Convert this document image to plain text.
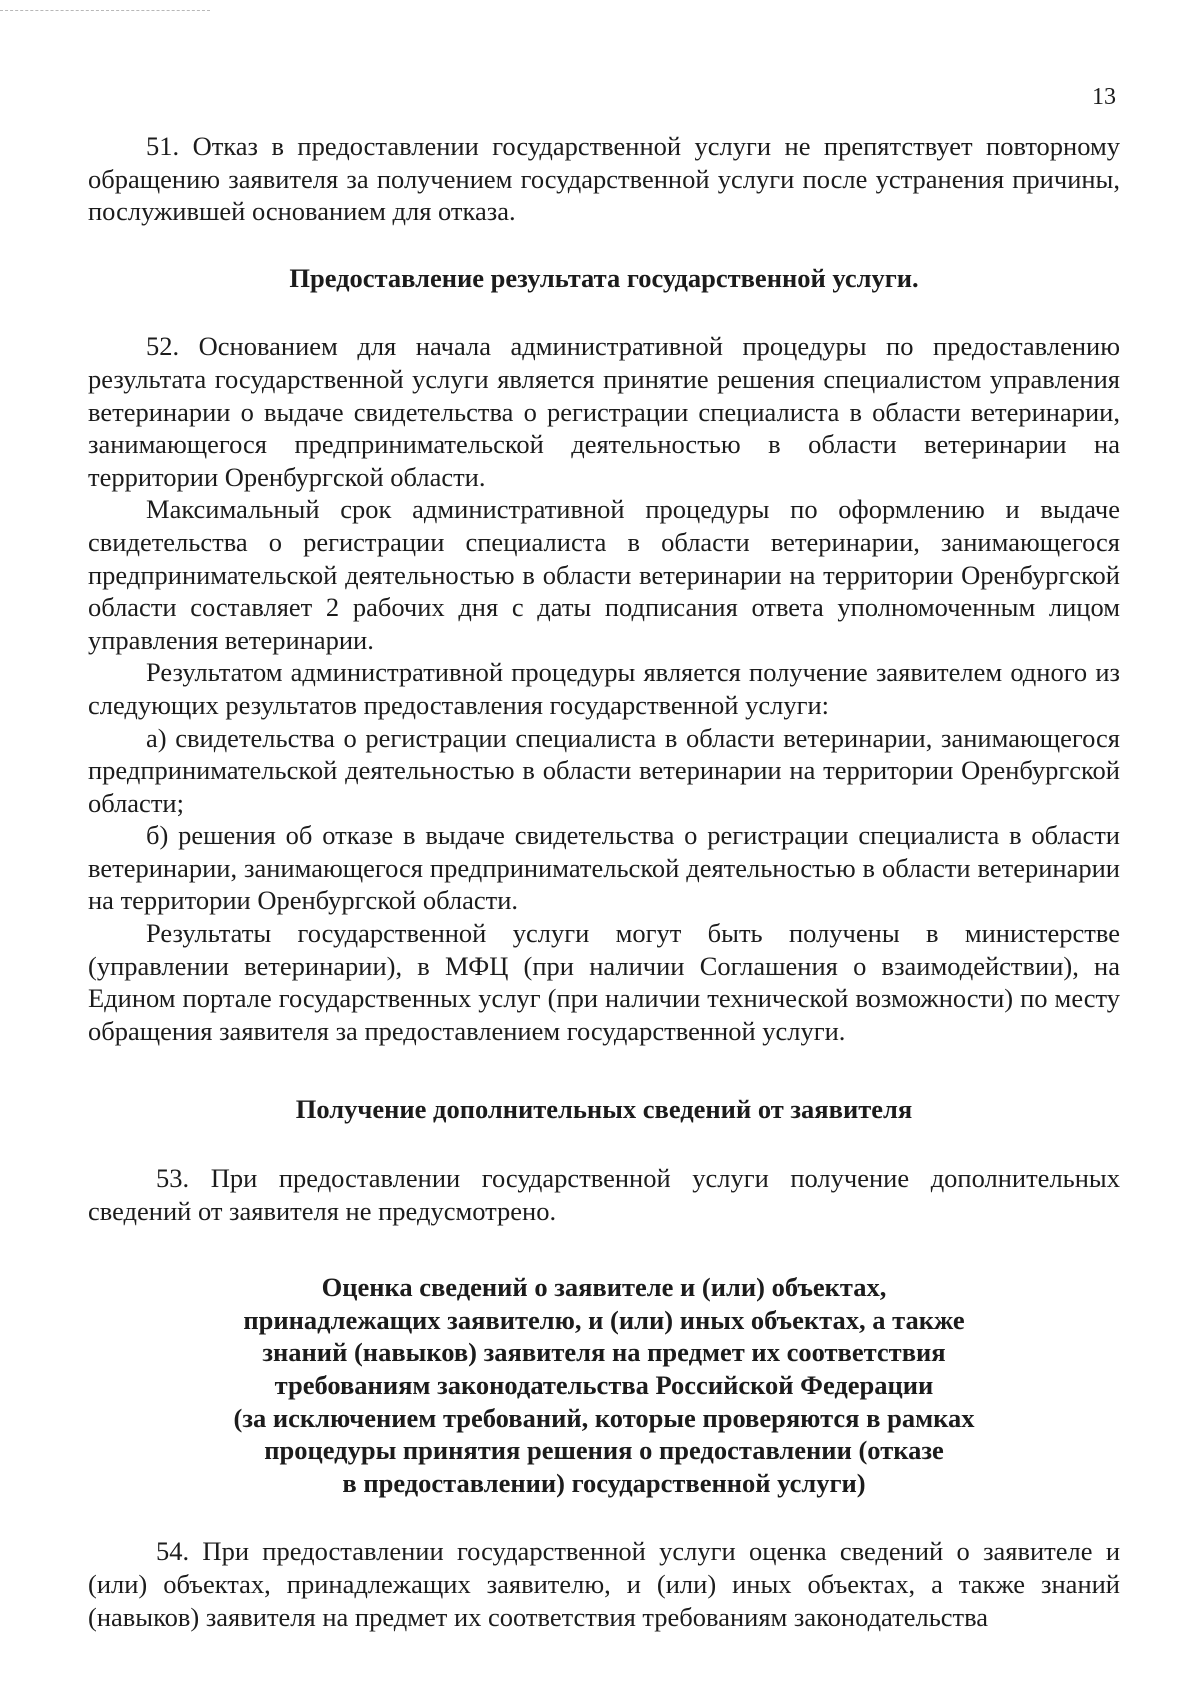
13

51. Отказ в предоставлении государственной услуги не препятствует повторному обращению заявителя за получением государственной услуги после устранения причины, послужившей основанием для отказа.

Предоставление результата государственной услуги.

52. Основанием для начала административной процедуры по предоставлению результата государственной услуги является принятие решения специалистом управления ветеринарии о выдаче свидетельства о регистрации специалиста в области ветеринарии, занимающегося предпринимательской деятельностью в области ветеринарии на территории Оренбургской области.

Максимальный срок административной процедуры по оформлению и выдаче свидетельства о регистрации специалиста в области ветеринарии, занимающегося предпринимательской деятельностью в области ветеринарии на территории Оренбургской области составляет 2 рабочих дня с даты подписания ответа уполномоченным лицом управления ветеринарии.

Результатом административной процедуры является получение заявителем одного из следующих результатов предоставления государственной услуги:

а) свидетельства о регистрации специалиста в области ветеринарии, занимающегося предпринимательской деятельностью в области ветеринарии на территории Оренбургской области;

б) решения об отказе в выдаче свидетельства о регистрации специалиста в области ветеринарии, занимающегося предпринимательской деятельностью в области ветеринарии на территории Оренбургской области.

Результаты государственной услуги могут быть получены в министерстве (управлении ветеринарии), в МФЦ (при наличии Соглашения о взаимодействии), на Едином портале государственных услуг (при наличии технической возможности) по месту обращения заявителя за предоставлением государственной услуги.

Получение дополнительных сведений от заявителя

53. При предоставлении государственной услуги получение дополнительных сведений от заявителя не предусмотрено.

Оценка сведений о заявителе и (или) объектах,
принадлежащих заявителю, и (или) иных объектах, а также
знаний (навыков) заявителя на предмет их соответствия
требованиям законодательства Российской Федерации
(за исключением требований, которые проверяются в рамках
процедуры принятия решения о предоставлении (отказе
в предоставлении) государственной услуги)

54. При предоставлении государственной услуги оценка сведений о заявителе и (или) объектах, принадлежащих заявителю, и (или) иных объектах, а также знаний (навыков) заявителя на предмет их соответствия требованиям законодательства
